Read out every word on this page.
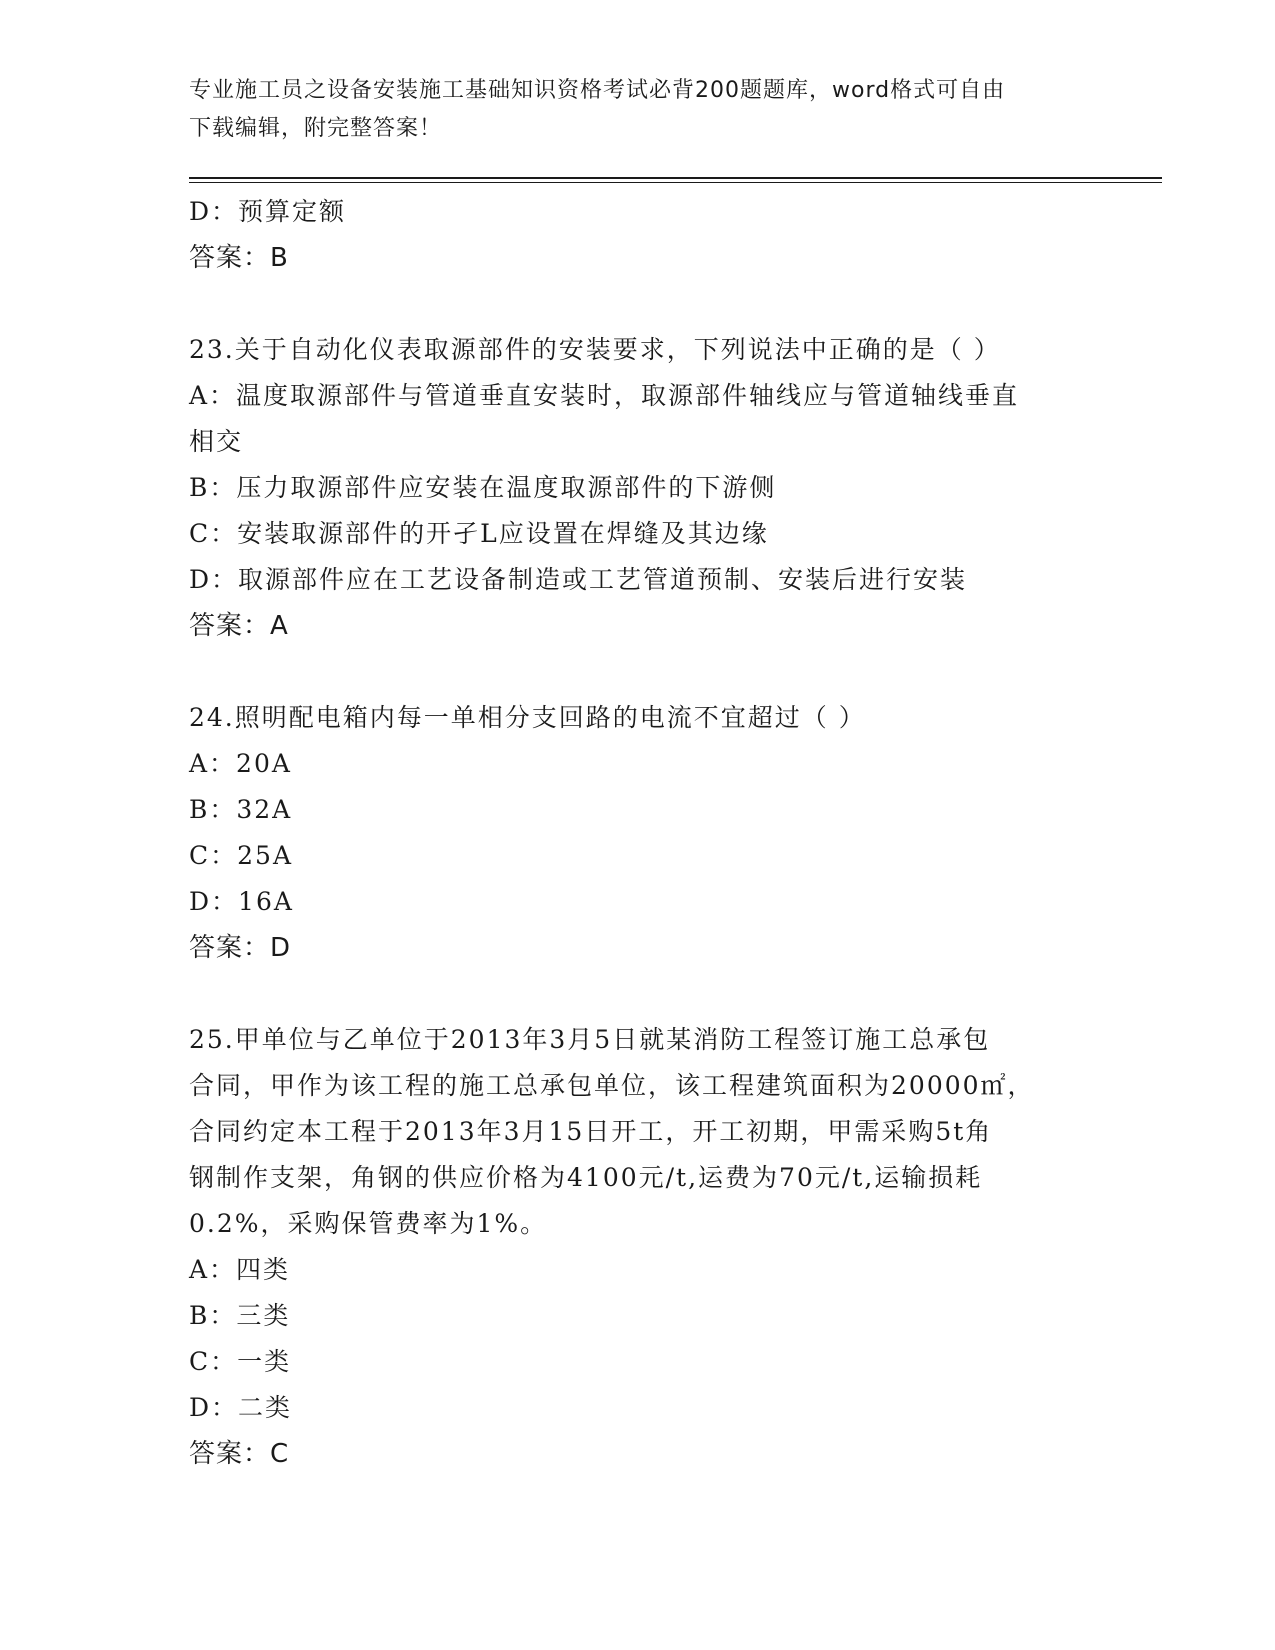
专业施工员之设备安装施工基础知识资格考试必背200题题库，word格式可自由
下载编辑，附完整答案！
D：预算定额
答案：B
23.关于自动化仪表取源部件的安装要求，下列说法中正确的是（ ）
A：温度取源部件与管道垂直安装时，取源部件轴线应与管道轴线垂直
相交
B：压力取源部件应安装在温度取源部件的下游侧
C：安装取源部件的开孑L应设置在焊缝及其边缘
D：取源部件应在工艺设备制造或工艺管道预制、安装后进行安装
答案：A
24.照明配电箱内每一单相分支回路的电流不宜超过（ ）
A：20A
B：32A
C：25A
D：16A
答案：D
25.甲单位与乙单位于2013年3月5日就某消防工程签订施工总承包
合同，甲作为该工程的施工总承包单位，该工程建筑面积为20000㎡，
合同约定本工程于2013年3月15日开工，开工初期，甲需采购5t角
钢制作支架，角钢的供应价格为4100元/t,运费为70元/t,运输损耗
0.2%，采购保管费率为1%。
A：四类
B：三类
C：一类
D：二类
答案：C
